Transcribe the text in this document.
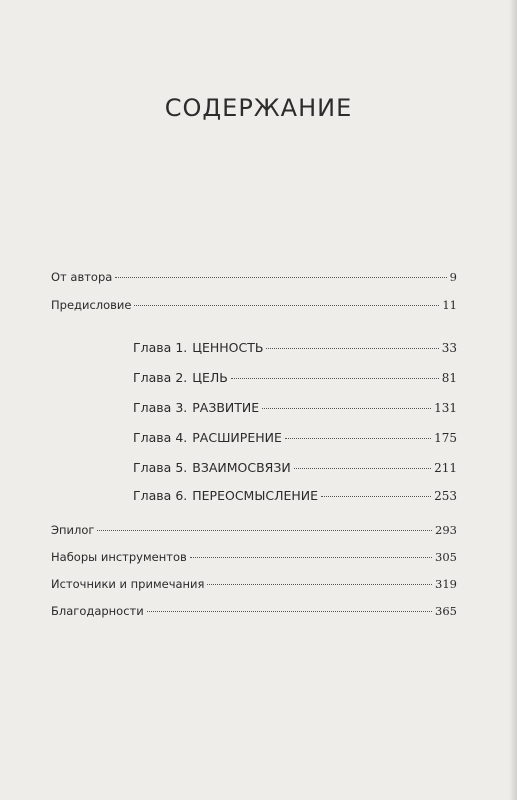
СОДЕРЖАНИЕ
От автора	9
Предисловие	11
Глава 1. ЦЕННОСТЬ	33
Глава 2. ЦЕЛЬ	81
Глава 3. РАЗВИТИЕ	131
Глава 4. РАСШИРЕНИЕ	175
Глава 5. ВЗАИМОСВЯЗИ	211
Глава 6. ПЕРЕОСМЫСЛЕНИЕ	253
Эпилог	293
Наборы инструментов	305
Источники и примечания	319
Благодарности	365
